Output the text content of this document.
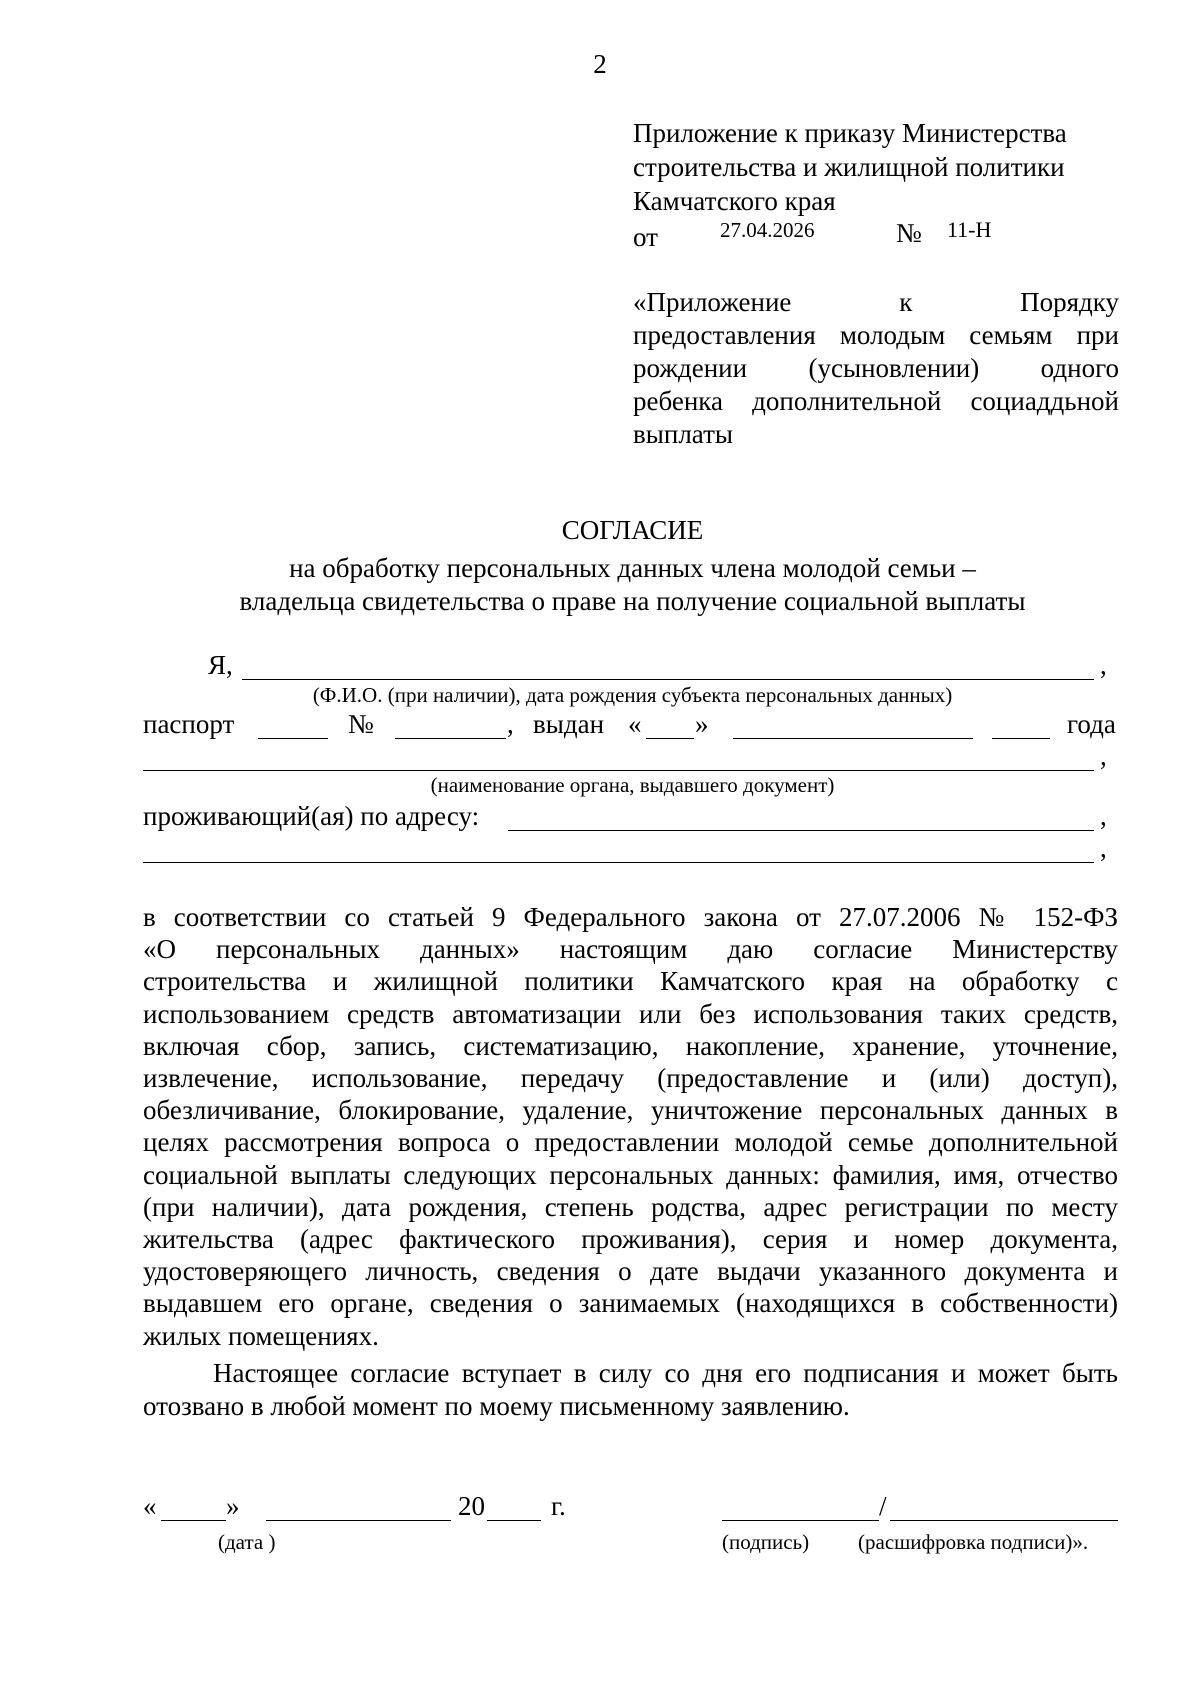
2
Приложение к приказу Министерства
строительства и жилищной политики
Камчатского края
от	27.04.2026	№ 11-Н
«Приложение к Порядку
предоставления молодым семьям при
рождении (усыновлении) одного
ребенка дополнительной социаддьной
выплаты
СОГЛАСИЕ
на обработку персональных данных члена молодой семьи –
владельца свидетельства о праве на получение социальной выплаты
Я,	,
(Ф.И.О. (при наличии), дата рождения субъекта персональных данных)
паспорт	№	, выдан « »	года
,
(наименование органа, выдавшего документ)
проживающий(ая) по адресу:	,
,
в соответствии со статьей 9 Федерального закона от 27.07.2006 № 152-ФЗ
«О персональных данных» настоящим даю согласие Министерству
строительства и жилищной политики Камчатского края на обработку с
использованием средств автоматизации или без использования таких средств,
включая сбор, запись, систематизацию, накопление, хранение, уточнение,
извлечение, использование, передачу (предоставление и (или) доступ),
обезличивание, блокирование, удаление, уничтожение персональных данных в
целях рассмотрения вопроса о предоставлении молодой семье дополнительной
социальной выплаты следующих персональных данных: фамилия, имя, отчество
(при наличии), дата рождения, степень родства, адрес регистрации по месту
жительства (адрес фактического проживания), серия и номер документа,
удостоверяющего личность, сведения о дате выдачи указанного документа и
выдавшем его органе, сведения о занимаемых (находящихся в собственности)
жилых помещениях.
Настоящее согласие вступает в силу со дня его подписания и может быть
отозвано в любой момент по моему письменному заявлению.
«	»	20 г.	/
(дата )	(подпись) (расшифровка подписи)».
